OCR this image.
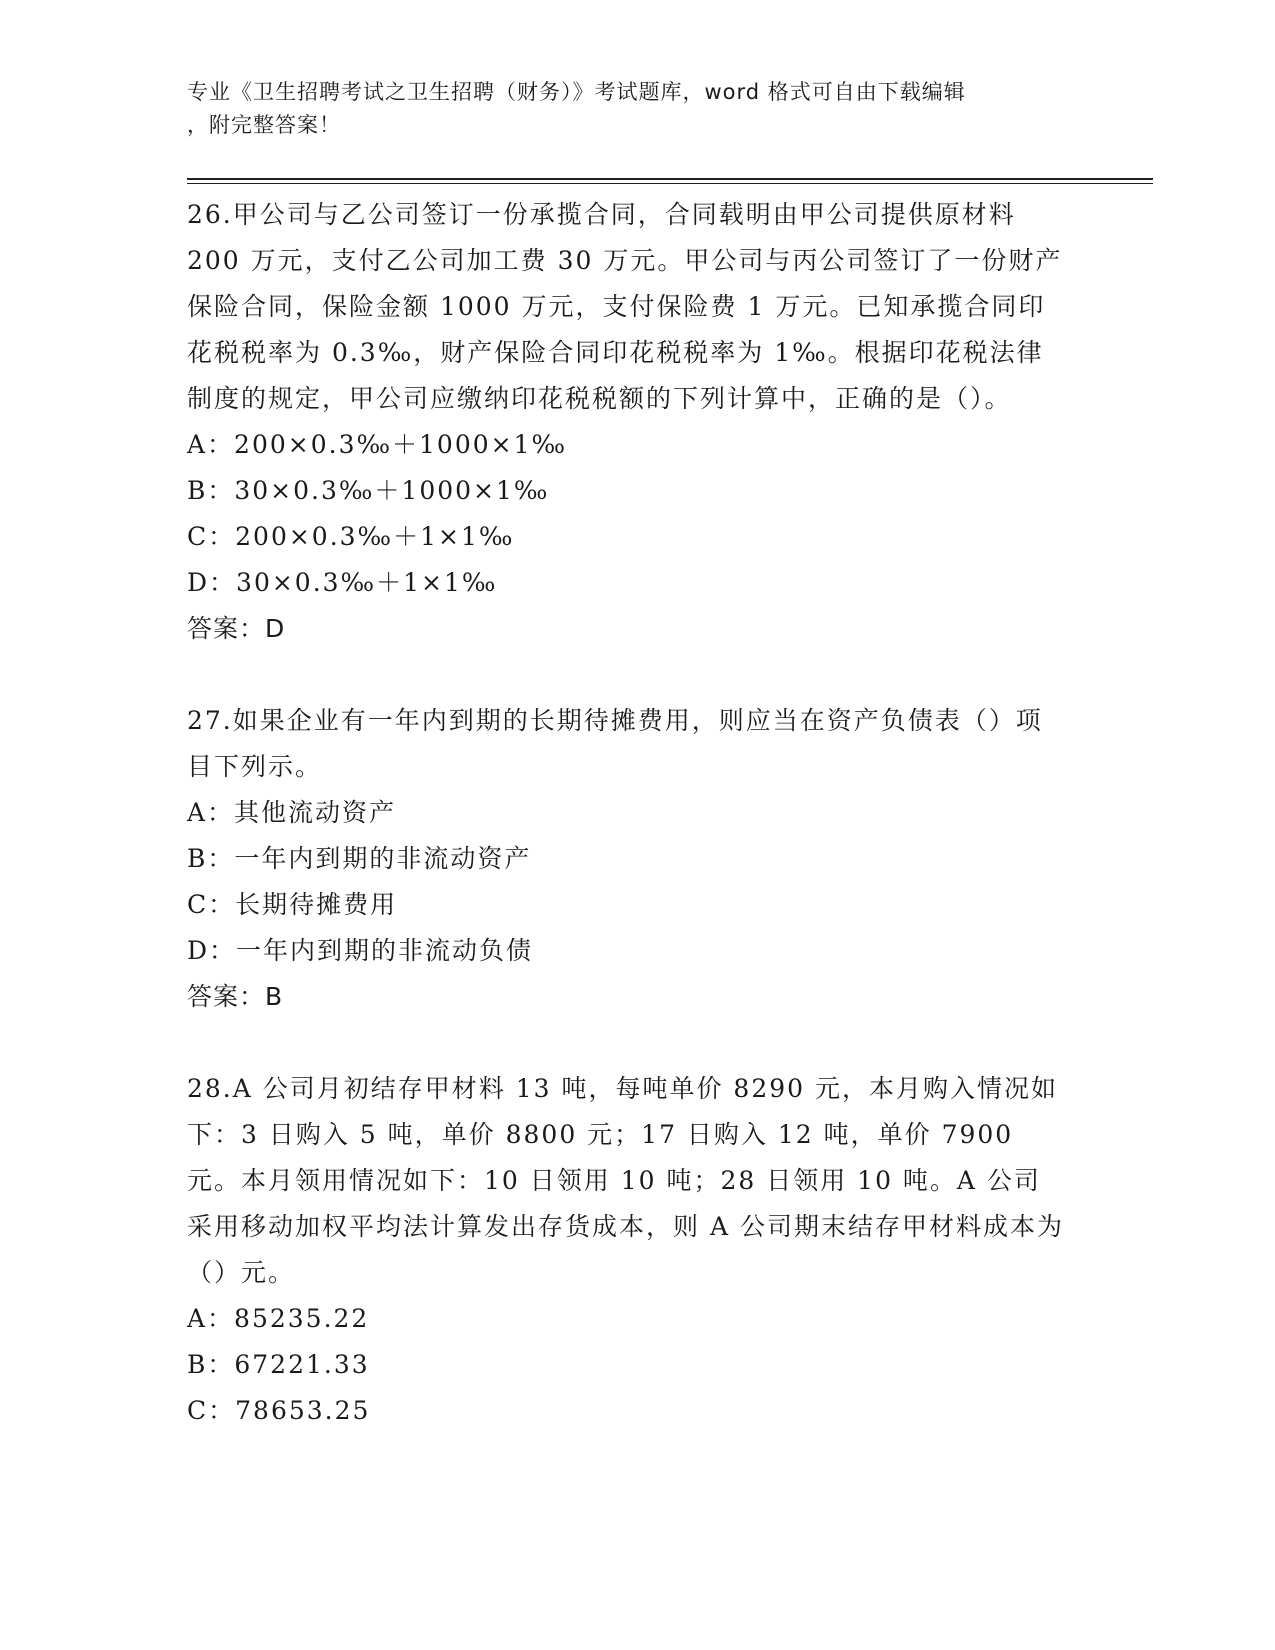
专业《卫生招聘考试之卫生招聘（财务）》考试题库，word 格式可自由下载编辑
，附完整答案！

26.甲公司与乙公司签订一份承揽合同，合同载明由甲公司提供原材料200 万元，支付乙公司加工费 30 万元。甲公司与丙公司签订了一份财产保险合同，保险金额 1000 万元，支付保险费 1 万元。已知承揽合同印花税税率为 0.3‰，财产保险合同印花税税率为 1‰。根据印花税法律制度的规定，甲公司应缴纳印花税税额的下列计算中，正确的是（）。

A：200×0.3‰＋1000×1‰

B：30×0.3‰＋1000×1‰

C：200×0.3‰＋1×1‰

D：30×0.3‰＋1×1‰

答案：D

27.如果企业有一年内到期的长期待摊费用，则应当在资产负债表（）项目下列示。

A：其他流动资产

B：一年内到期的非流动资产

C：长期待摊费用

D：一年内到期的非流动负债

答案：B

28.A 公司月初结存甲材料 13 吨，每吨单价 8290 元，本月购入情况如下：3 日购入 5 吨，单价 8800 元；17 日购入 12 吨，单价 7900 元。本月领用情况如下：10 日领用 10 吨；28 日领用 10 吨。A 公司采用移动加权平均法计算发出存货成本，则 A 公司期末结存甲材料成本为（）元。

A：85235.22

B：67221.33

C：78653.25
